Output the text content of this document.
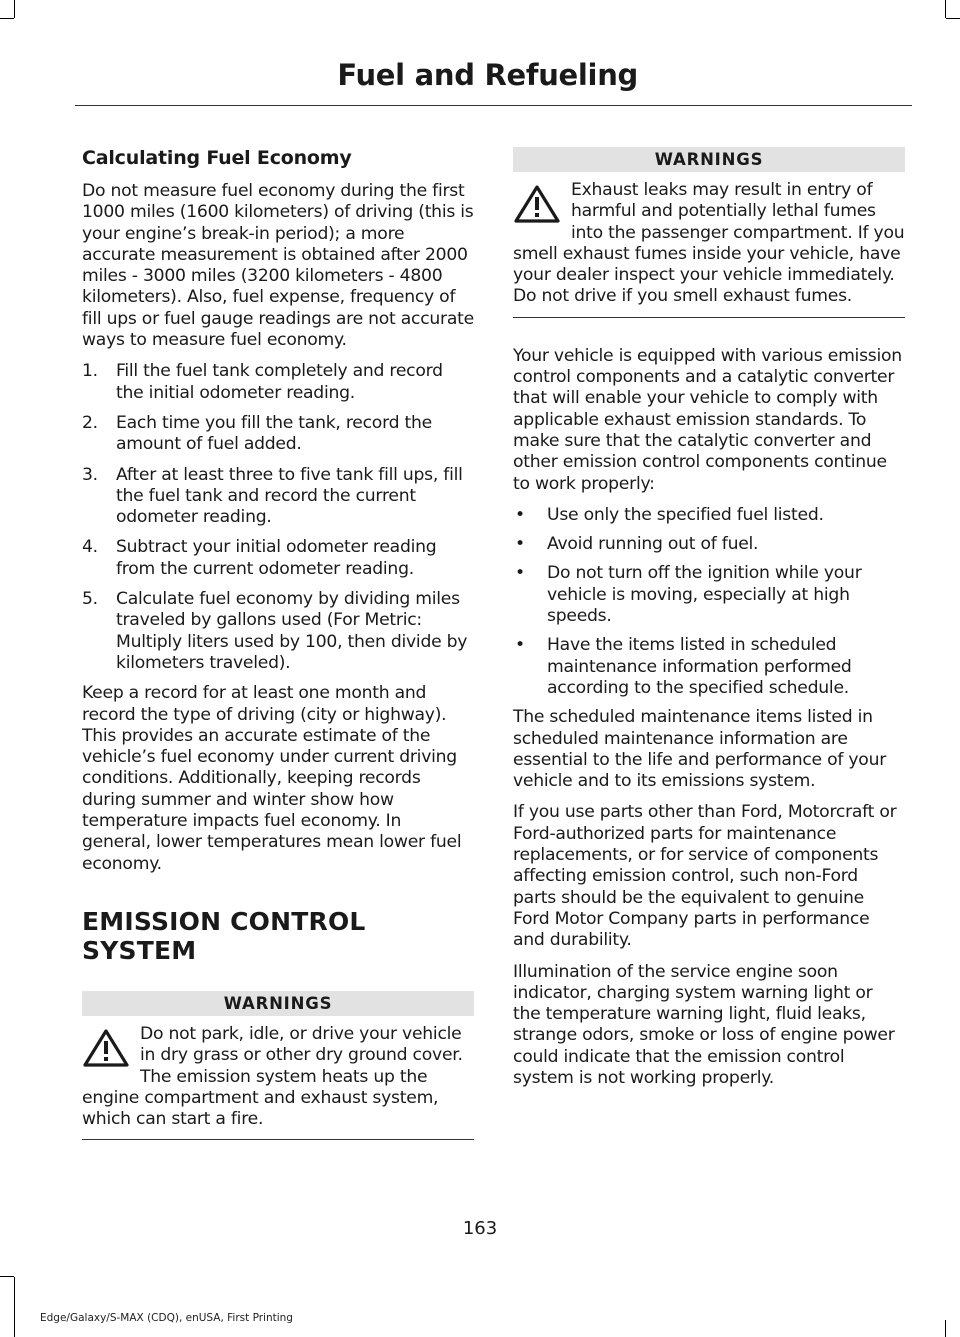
Fuel and Refueling
Calculating Fuel Economy

Do not measure fuel economy during the first 1000 miles (1600 kilometers) of driving (this is your engine’s break-in period); a more accurate measurement is obtained after 2000 miles - 3000 miles (3200 kilometers - 4800 kilometers). Also, fuel expense, frequency of fill ups or fuel gauge readings are not accurate ways to measure fuel economy.

1. Fill the fuel tank completely and record the initial odometer reading.
2. Each time you fill the tank, record the amount of fuel added.
3. After at least three to five tank fill ups, fill the fuel tank and record the current odometer reading.
4. Subtract your initial odometer reading from the current odometer reading.
5. Calculate fuel economy by dividing miles traveled by gallons used (For Metric: Multiply liters used by 100, then divide by kilometers traveled).

Keep a record for at least one month and record the type of driving (city or highway). This provides an accurate estimate of the vehicle’s fuel economy under current driving conditions. Additionally, keeping records during summer and winter show how temperature impacts fuel economy. In general, lower temperatures mean lower fuel economy.

EMISSION CONTROL SYSTEM
WARNINGS
Do not park, idle, or drive your vehicle in dry grass or other dry ground cover. The emission system heats up the engine compartment and exhaust system, which can start a fire.
WARNINGS
Exhaust leaks may result in entry of harmful and potentially lethal fumes into the passenger compartment. If you smell exhaust fumes inside your vehicle, have your dealer inspect your vehicle immediately. Do not drive if you smell exhaust fumes.

Your vehicle is equipped with various emission control components and a catalytic converter that will enable your vehicle to comply with applicable exhaust emission standards. To make sure that the catalytic converter and other emission control components continue to work properly:

• Use only the specified fuel listed.
• Avoid running out of fuel.
• Do not turn off the ignition while your vehicle is moving, especially at high speeds.
• Have the items listed in scheduled maintenance information performed according to the specified schedule.

The scheduled maintenance items listed in scheduled maintenance information are essential to the life and performance of your vehicle and to its emissions system.

If you use parts other than Ford, Motorcraft or Ford-authorized parts for maintenance replacements, or for service of components affecting emission control, such non-Ford parts should be the equivalent to genuine Ford Motor Company parts in performance and durability.

Illumination of the service engine soon indicator, charging system warning light or the temperature warning light, fluid leaks, strange odors, smoke or loss of engine power could indicate that the emission control system is not working properly.

163
Edge/Galaxy/S-MAX (CDQ), enUSA, First Printing
